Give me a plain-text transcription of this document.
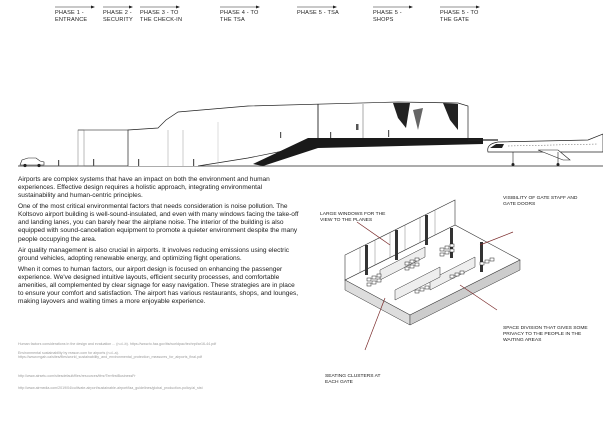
PHASE 1 -
ENTRANCE
PHASE 2 -
SECURITY
PHASE 3 - TO
THE CHECK-IN
PHASE 4 - TO
THE TSA
PHASE 5 - TSA	PHASE 5 -
SHOPS
PHASE 5 - TO
THE GATE

Airports are complex systems that have an impact on both the environment and human experiences. Effective design requires a holistic approach, integrating environmental sustainability and human-centric principles.

One of the most critical environmental factors that needs consideration is noise pollution. The Koltsovo airport building is well-sound-insulated, and even with many windows facing the take-off and landing lanes, you can barely hear the airplane noise. The interior of the building is also equipped with sound-cancellation equipment to promote a quieter environment despite the many people occupying the area.

Air quality management is also crucial in airports. It involves reducing emissions using electric ground vehicles, adopting renewable energy, and optimizing flight operations.

When it comes to human factors, our airport design is focused on enhancing the passenger experience. We've designed intuitive layouts, efficient security processes, and comfortable amenities, all complemented by clear signage for easy navigation. These strategies are in place to ensure your comfort and satisfaction. The airport has various restaurants, shops, and lounges, making layovers and waiting times a more enjoyable experience.

Human factors considerations in the design and evaluation ... (n.d.-b). https://www.tc.faa.gov/its/worldpac/techrpt/ar16-44.pdf
Environmental sustainability by reason.com for airports (n.d.-a). https://www.mgah.ca/sites/files/world_sustainability_and_environmental_protection_measures_for_airports_final.pdf
http://www.airsetu.com/sitesdefault/files/resources/tfmr/TerrfirstBusinessFr
http://www.airmedia.com/2019/04/cultivate-airport/sustainable-airport/faa_guidelines/global_production-policy/ai_stst
LARGE WINDOWS FOR THE VIEW TO THE PLANES
VISIBILITY OF GATE STAFF AND GATE DOORS
SPACE DIVISION THAT GIVES SOME PRIVACY TO THE PEOPLE IN THE WAITING AREAS
SEATING CLUSTERS AT EACH GATE
